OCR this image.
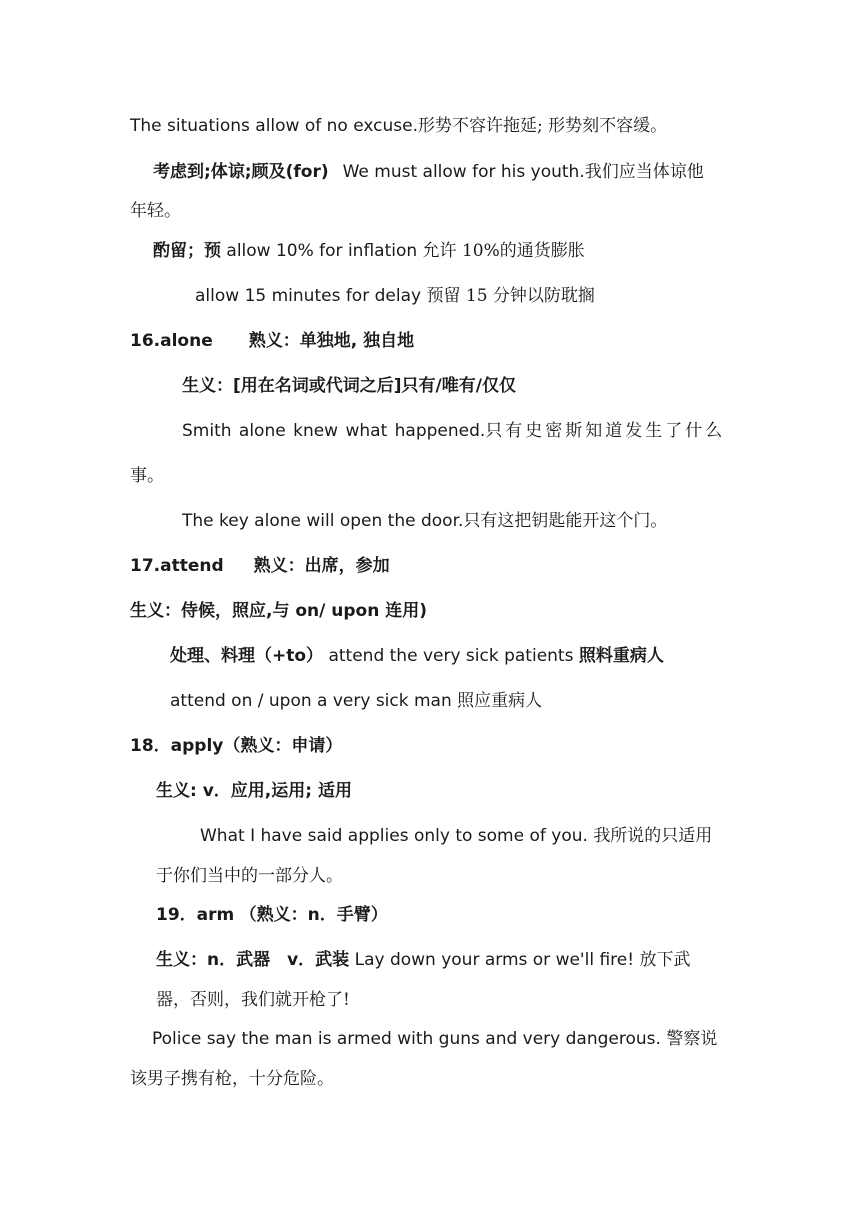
The situations allow of no excuse.形势不容许拖延; 形势刻不容缓。
考虑到;体谅;顾及(for) We must allow for his youth.我们应当体谅他
年轻。
酌留；预 allow 10% for inflation 允许 10%的通货膨胀
allow 15 minutes for delay 预留 15 分钟以防耽搁
16.alone 熟义：单独地, 独自地
生义：[用在名词或代词之后]只有/唯有/仅仅
Smith alone knew what happened.只有史密斯知道发生了什么
事。
The key alone will open the door.只有这把钥匙能开这个门。
17.attend 熟义：出席，参加
生义：侍候，照应,与 on/ upon 连用)
处理、料理（+to） attend the very sick patients 照料重病人
attend on / upon a very sick man 照应重病人
18．apply（熟义：申请）
生义: v．应用,运用; 适用
What I have said applies only to some of you. 我所说的只适用
于你们当中的一部分人。
19．arm （熟义：n．手臂）
生义：n．武器　v．武装 Lay down your arms or we'll fire! 放下武
器，否则，我们就开枪了!
Police say the man is armed with guns and very dangerous. 警察说
该男子携有枪，十分危险。
